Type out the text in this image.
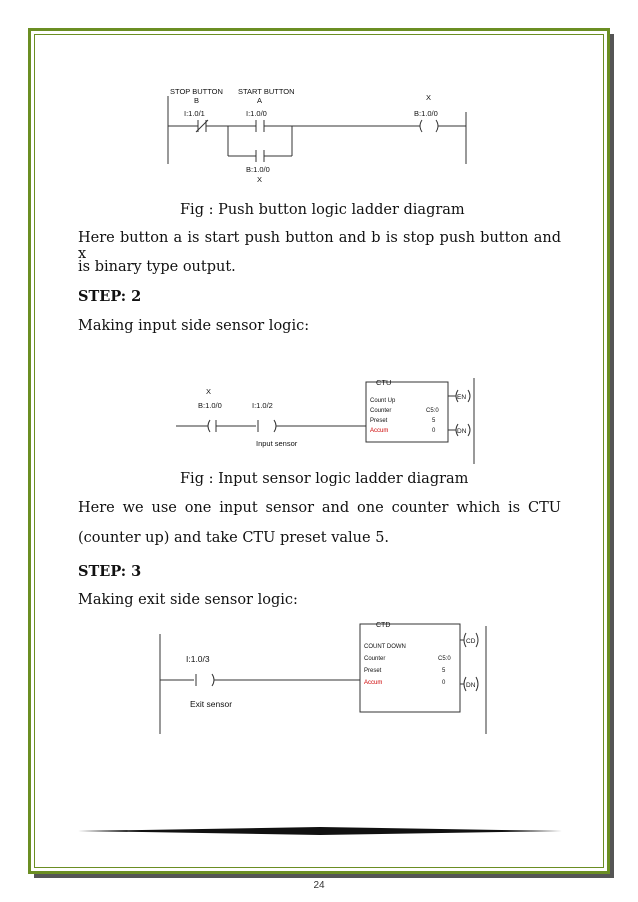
STOP BUTTON
B
I:1.0/1
START BUTTON
A
I:1.0/0
X
B:1.0/0
B:1.0/0
X
Fig : Push button logic ladder diagram
Here button a is start push button and b is stop push button and x
is binary type output.
STEP: 2
Making input side sensor logic:
X
B:1.0/0	I:1.0/2
Input sensor
CTU
EN
DN
Count Up
Counter	C5:0
Preset	5
Accum	0
Fig : Input sensor logic ladder diagram
Here we use one input sensor and one counter which is CTU
(counter up) and take CTU preset value 5.
STEP: 3
Making exit side sensor logic:
I:1.0/3
Exit sensor
CTD
CD
DN
COUNT DOWN
Counter	C5:0
Preset	5
Accum	0
24
